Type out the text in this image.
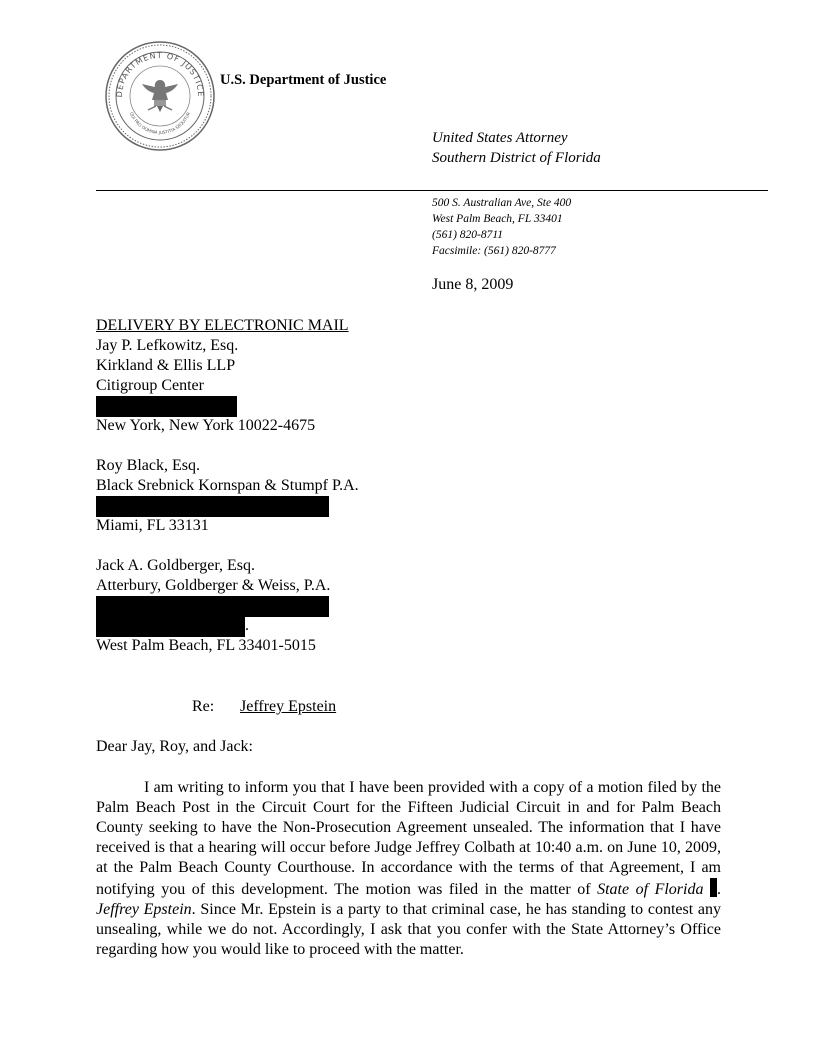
DEPARTMENT OF JUSTICE
QUI PRO DOMINA JUSTITIA SEQUITUR
U.S. Department of Justice
United States Attorney
Southern District of Florida
500 S. Australian Ave, Ste 400
West Palm Beach, FL 33401
(561) 820-8711
Facsimile: (561) 820-8777
June 8, 2009
DELIVERY BY ELECTRONIC MAIL
Jay P. Lefkowitz, Esq.
Kirkland & Ellis LLP
Citigroup Center
New York, New York 10022-4675
Roy Black, Esq.
Black Srebnick Kornspan & Stumpf P.A.
Miami, FL 33131
Jack A. Goldberger, Esq.
Atterbury, Goldberger & Weiss, P.A.
.
West Palm Beach, FL 33401-5015
Re: Jeffrey Epstein
Dear Jay, Roy, and Jack:

I am writing to inform you that I have been provided with a copy of a motion filed by the Palm Beach Post in the Circuit Court for the Fifteen Judicial Circuit in and for Palm Beach County seeking to have the Non-Prosecution Agreement unsealed. The information that I have received is that a hearing will occur before Judge Jeffrey Colbath at 10:40 a.m. on June 10, 2009, at the Palm Beach County Courthouse. In accordance with the terms of that Agreement, I am notifying you of this development. The motion was filed in the matter of State of Florida . Jeffrey Epstein. Since Mr. Epstein is a party to that criminal case, he has standing to contest any unsealing, while we do not. Accordingly, I ask that you confer with the State Attorney’s Office regarding how you would like to proceed with the matter.
